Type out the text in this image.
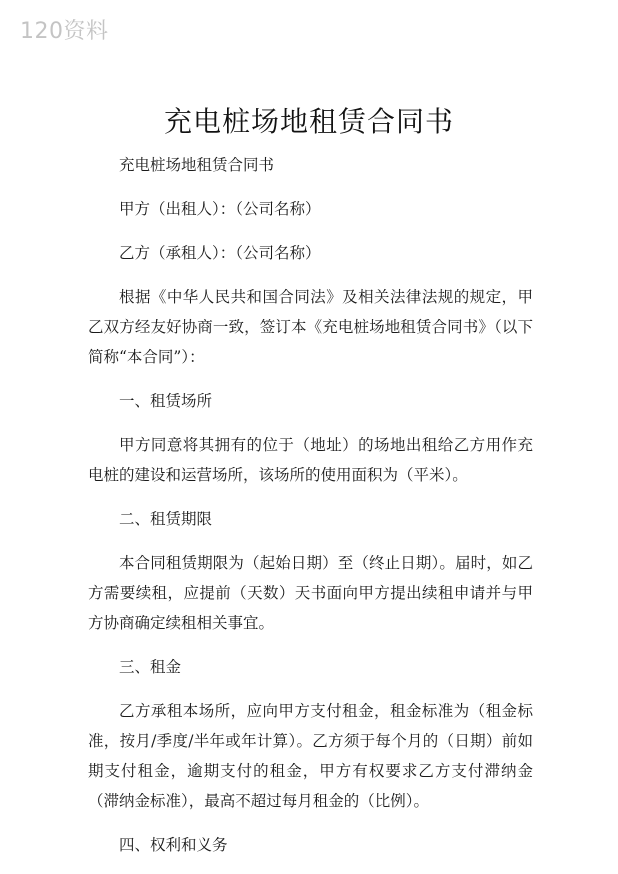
120资料
充电桩场地租赁合同书

充电桩场地租赁合同书

甲方（出租人）：（公司名称）

乙方（承租人）：（公司名称）

根据《中华人民共和国合同法》及相关法律法规的规定，甲乙双方经友好协商一致，签订本《充电桩场地租赁合同书》（以下简称“本合同”）：

一、租赁场所

甲方同意将其拥有的位于（地址）的场地出租给乙方用作充电桩的建设和运营场所，该场所的使用面积为（平米）。

二、租赁期限

本合同租赁期限为（起始日期）至（终止日期）。届时，如乙方需要续租，应提前（天数）天书面向甲方提出续租申请并与甲方协商确定续租相关事宜。

三、租金

乙方承租本场所，应向甲方支付租金，租金标准为（租金标准，按月/季度/半年或年计算）。乙方须于每个月的（日期）前如期支付租金，逾期支付的租金，甲方有权要求乙方支付滞纳金（滞纳金标准），最高不超过每月租金的（比例）。

四、权利和义务
